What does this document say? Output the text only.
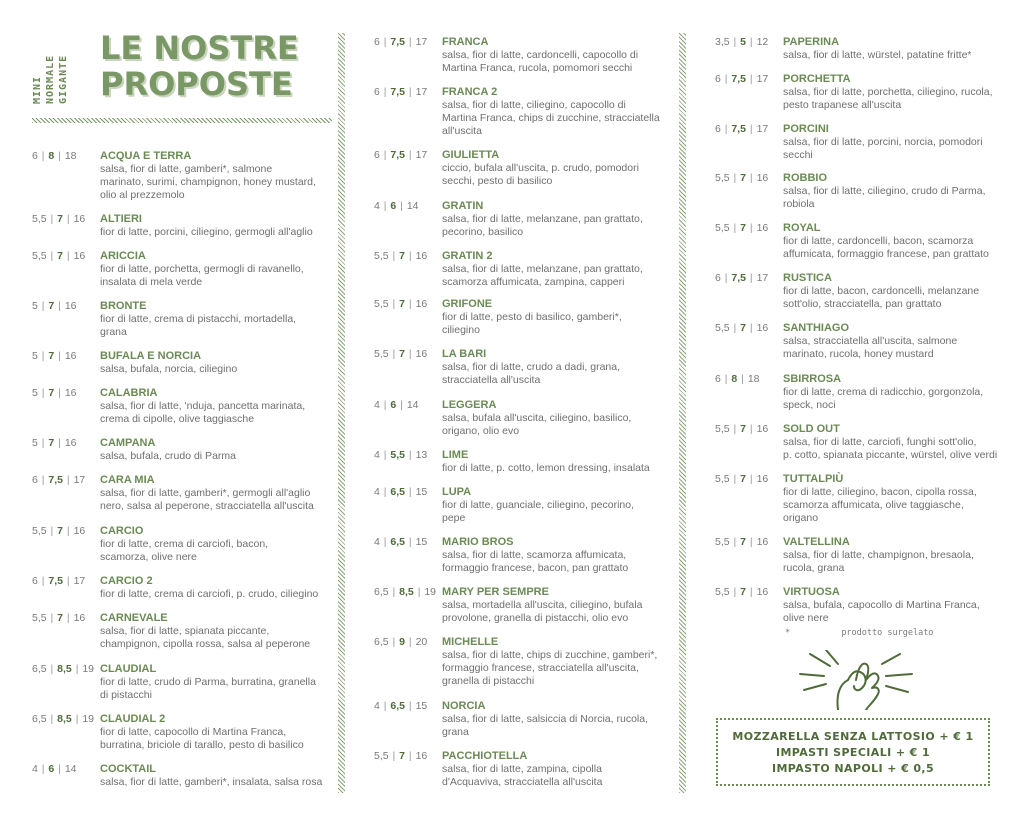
MINI NORMALE GIGANTE
LE NOSTRE
PROPOSTE
6 | 8 | 18	ACQUA E TERRA
salsa, fior di latte, gamberi*, salmone
marinato, surimi, champignon, honey mustard,
olio al prezzemolo
5,5 | 7 | 16	ALTIERI
fior di latte, porcini, ciliegino, germogli all'aglio
5,5 | 7 | 16	ARICCIA
fior di latte, porchetta, germogli di ravanello,
insalata di mela verde
5 | 7 | 16	BRONTE
fior di latte, crema di pistacchi, mortadella,
grana
5 | 7 | 16	BUFALA E NORCIA
salsa, bufala, norcia, ciliegino
5 | 7 | 16	CALABRIA
salsa, fior di latte, 'nduja, pancetta marinata,
crema di cipolle, olive taggiasche
5 | 7 | 16	CAMPANA
salsa, bufala, crudo di Parma
6 | 7,5 | 17	CARA MIA
salsa, fior di latte, gamberi*, germogli all'aglio
nero, salsa al peperone, stracciatella all'uscita
5,5 | 7 | 16	CARCIO
fior di latte, crema di carciofi, bacon,
scamorza, olive nere
6 | 7,5 | 17	CARCIO 2
fior di latte, crema di carciofi, p. crudo, ciliegino
5,5 | 7 | 16	CARNEVALE
salsa, fior di latte, spianata piccante,
champignon, cipolla rossa, salsa al peperone
6,5 | 8,5 | 19 CLAUDIAL
fior di latte, crudo di Parma, burratina, granella
di pistacchi
6,5 | 8,5 | 19 CLAUDIAL 2
fior di latte, capocollo di Martina Franca,
burratina, briciole di tarallo, pesto di basilico
4 | 6 | 14	COCKTAIL
salsa, fior di latte, gamberi*, insalata, salsa rosa
6 | 7,5 | 17	FRANCA
salsa, fior di latte, cardoncelli, capocollo di
Martina Franca, rucola, pomomori secchi
6 | 7,5 | 17	FRANCA 2
salsa, fior di latte, ciliegino, capocollo di
Martina Franca, chips di zucchine, stracciatella
all'uscita
6 | 7,5 | 17	GIULIETTA
ciccio, bufala all'uscita, p. crudo, pomodori
secchi, pesto di basilico
4 | 6 | 14	GRATIN
salsa, fior di latte, melanzane, pan grattato,
pecorino, basilico
5,5 | 7 | 16	GRATIN 2
salsa, fior di latte, melanzane, pan grattato,
scamorza affumicata, zampina, capperi
5,5 | 7 | 16	GRIFONE
fior di latte, pesto di basilico, gamberi*,
ciliegino
5,5 | 7 | 16	LA BARI
salsa, fior di latte, crudo a dadi, grana,
stracciatella all'uscita
4 | 6 | 14	LEGGERA
salsa, bufala all'uscita, ciliegino, basilico,
origano, olio evo
4 | 5,5 | 13	LIME
fior di latte, p. cotto, lemon dressing, insalata
4 | 6,5 | 15	LUPA
fior di latte, guanciale, ciliegino, pecorino,
pepe
4 | 6,5 | 15	MARIO BROS
salsa, fior di latte, scamorza affumicata,
formaggio francese, bacon, pan grattato
6,5 | 8,5 | 19 MARY PER SEMPRE
salsa, mortadella all'uscita, ciliegino, bufala
provolone, granella di pistacchi, olio evo
6,5 | 9 | 20	MICHELLE
salsa, fior di latte, chips di zucchine, gamberi*,
formaggio francese, stracciatella all'uscita,
granella di pistacchi
4 | 6,5 | 15	NORCIA
salsa, fior di latte, salsiccia di Norcia, rucola,
grana
5,5 | 7 | 16	PACCHIOTELLA
salsa, fior di latte, zampina, cipolla
d'Acquaviva, stracciatella all'uscita
3,5 | 5 | 12	PAPERINA
salsa, fior di latte, würstel, patatine fritte*
6 | 7,5 | 17	PORCHETTA
salsa, fior di latte, porchetta, ciliegino, rucola,
pesto trapanese all'uscita
6 | 7,5 | 17	PORCINI
salsa, fior di latte, porcini, norcia, pomodori
secchi
5,5 | 7 | 16	ROBBIO
salsa, fior di latte, ciliegino, crudo di Parma,
robiola
5,5 | 7 | 16	ROYAL
fior di latte, cardoncelli, bacon, scamorza
affumicata, formaggio francese, pan grattato
6 | 7,5 | 17	RUSTICA
fior di latte, bacon, cardoncelli, melanzane
sott'olio, stracciatella, pan grattato
5,5 | 7 | 16	SANTHIAGO
salsa, stracciatella all'uscita, salmone
marinato, rucola, honey mustard
6 | 8 | 18	SBIRROSA
fior di latte, crema di radicchio, gorgonzola,
speck, noci
5,5 | 7 | 16	SOLD OUT
salsa, fior di latte, carciofi, funghi sott'olio,
p. cotto, spianata piccante, würstel, olive verdi
5,5 | 7 | 16	TUTTALPIÙ
fior di latte, ciliegino, bacon, cipolla rossa,
scamorza affumicata, olive taggiasche,
origano
5,5 | 7 | 16	VALTELLINA
salsa, fior di latte, champignon, bresaola,
rucola, grana
5,5 | 7 | 16	VIRTUOSA
salsa, bufala, capocollo di Martina Franca,
olive nere
*	prodotto surgelato
MOZZARELLA SENZA LATTOSIO + € 1
IMPASTI SPECIALI + € 1
IMPASTO NAPOLI + € 0,5
